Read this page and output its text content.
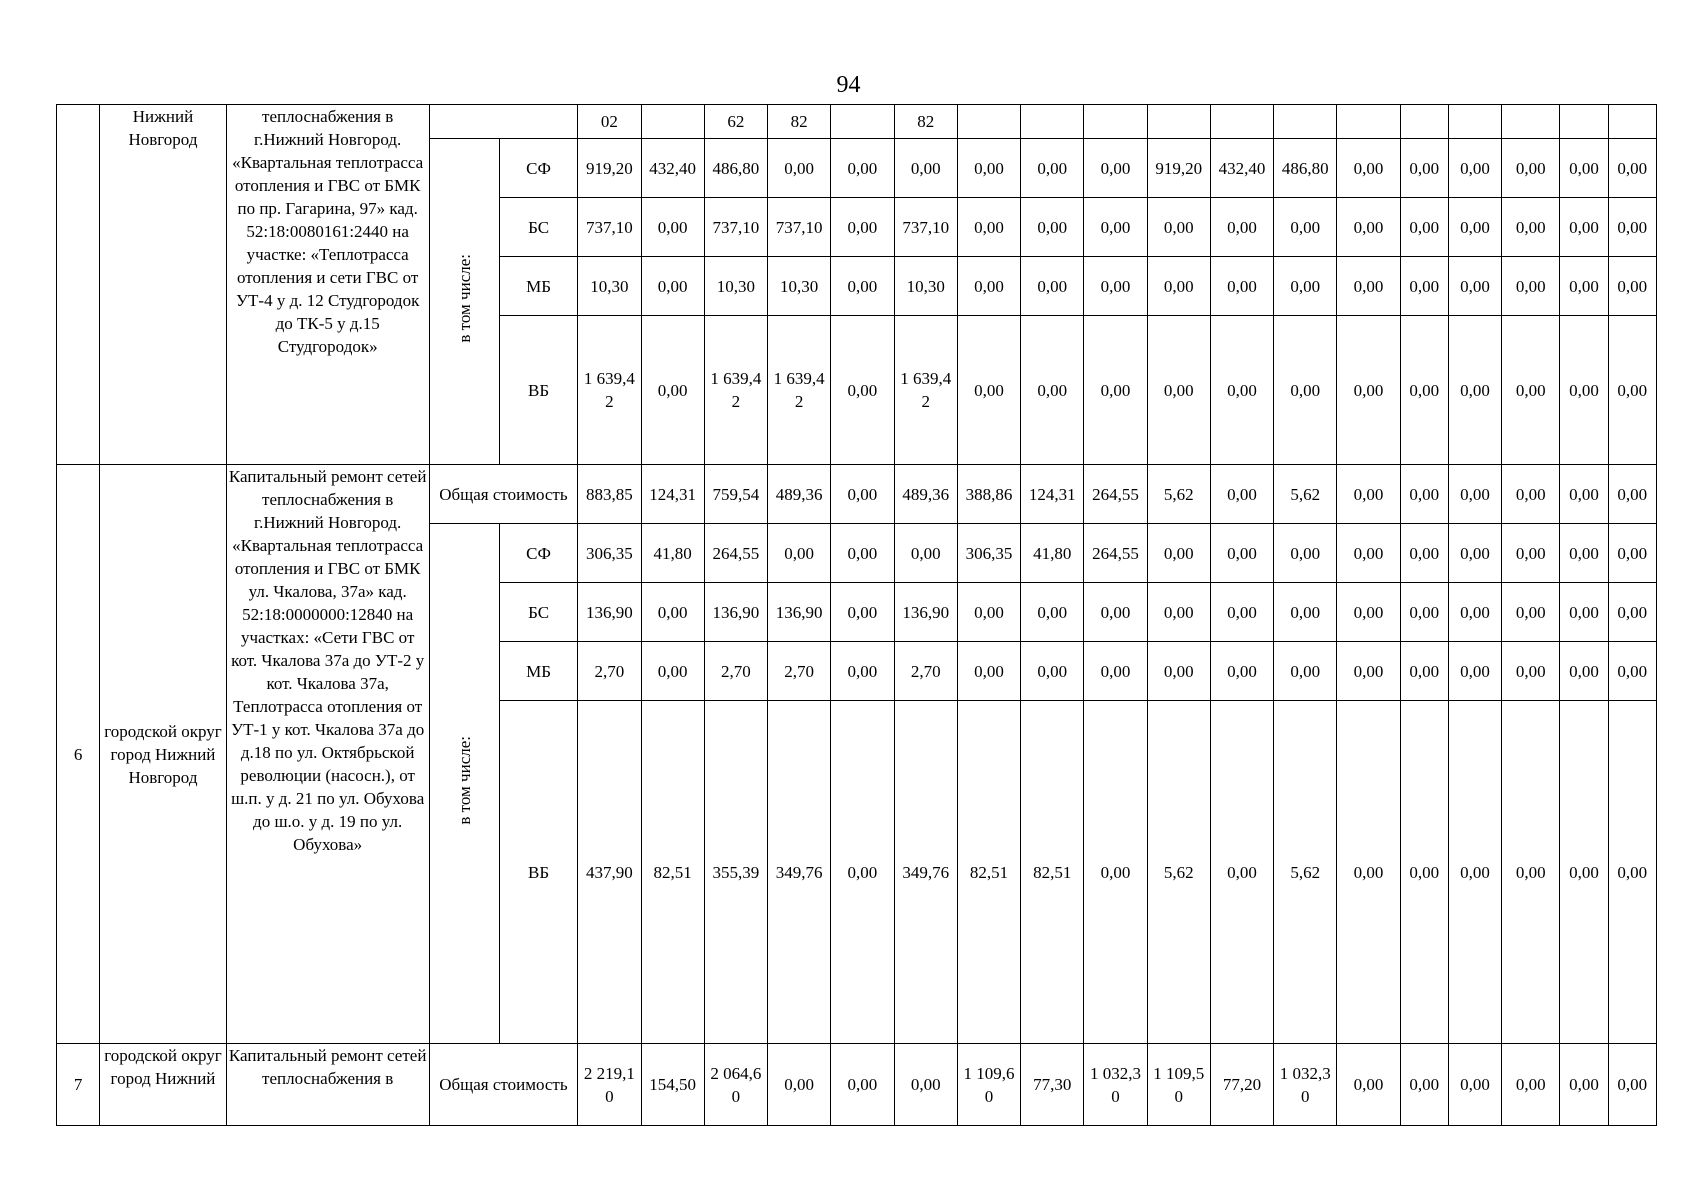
94
	Нижний Новгород	теплоснабжения в г.Нижний Новгород. «Квартальная теплотрасса отопления и ГВС от БМК по пр. Гагарина, 97» кад. 52:18:0080161:2440 на участке: «Теплотрасса отопления и сети ГВС от УТ-4 у д. 12 Студгородок до ТК-5 у д.15 Студгородок»			02		62	82		82												
			в том числе:	СФ	919,20	432,40	486,80	0,00	0,00	0,00	0,00	0,00	0,00	919,20	432,40	486,80	0,00	0,00	0,00	0,00	0,00	0,00
				БС	737,10	0,00	737,10	737,10	0,00	737,10	0,00	0,00	0,00	0,00	0,00	0,00	0,00	0,00	0,00	0,00	0,00	0,00
				МБ	10,30	0,00	10,30	10,30	0,00	10,30	0,00	0,00	0,00	0,00	0,00	0,00	0,00	0,00	0,00	0,00	0,00	0,00
				ВБ	1 639,42	0,00	1 639,42	1 639,42	0,00	1 639,42	0,00	0,00	0,00	0,00	0,00	0,00	0,00	0,00	0,00	0,00	0,00	0,00
6	городской округ город Нижний Новгород	Капитальный ремонт сетей теплоснабжения в г.Нижний Новгород. «Квартальная теплотрасса отопления и ГВС от БМК ул. Чкалова, 37а» кад. 52:18:0000000:12840 на участках: «Сети ГВС от кот. Чкалова 37а до УТ-2 у кот. Чкалова 37а, Теплотрасса отопления от УТ-1 у кот. Чкалова 37а до д.18 по ул. Октябрьской революции (насосн.), от ш.п. у д. 21 по ул. Обухова до ш.о. у д. 19 по ул. Обухова»	Общая стоимость		883,85	124,31	759,54	489,36	0,00	489,36	388,86	124,31	264,55	5,62	0,00	5,62	0,00	0,00	0,00	0,00	0,00	0,00
			в том числе:	СФ	306,35	41,80	264,55	0,00	0,00	0,00	306,35	41,80	264,55	0,00	0,00	0,00	0,00	0,00	0,00	0,00	0,00	0,00
				БС	136,90	0,00	136,90	136,90	0,00	136,90	0,00	0,00	0,00	0,00	0,00	0,00	0,00	0,00	0,00	0,00	0,00	0,00
				МБ	2,70	0,00	2,70	2,70	0,00	2,70	0,00	0,00	0,00	0,00	0,00	0,00	0,00	0,00	0,00	0,00	0,00	0,00
				ВБ	437,90	82,51	355,39	349,76	0,00	349,76	82,51	82,51	0,00	5,62	0,00	5,62	0,00	0,00	0,00	0,00	0,00	0,00
7	городской округ город Нижний	Капитальный ремонт сетей теплоснабжения в	Общая стоимость		2 219,10	154,50	2 064,60	0,00	0,00	0,00	1 109,60	77,30	1 032,30	1 109,50	77,20	1 032,30	0,00	0,00	0,00	0,00	0,00	0,00
